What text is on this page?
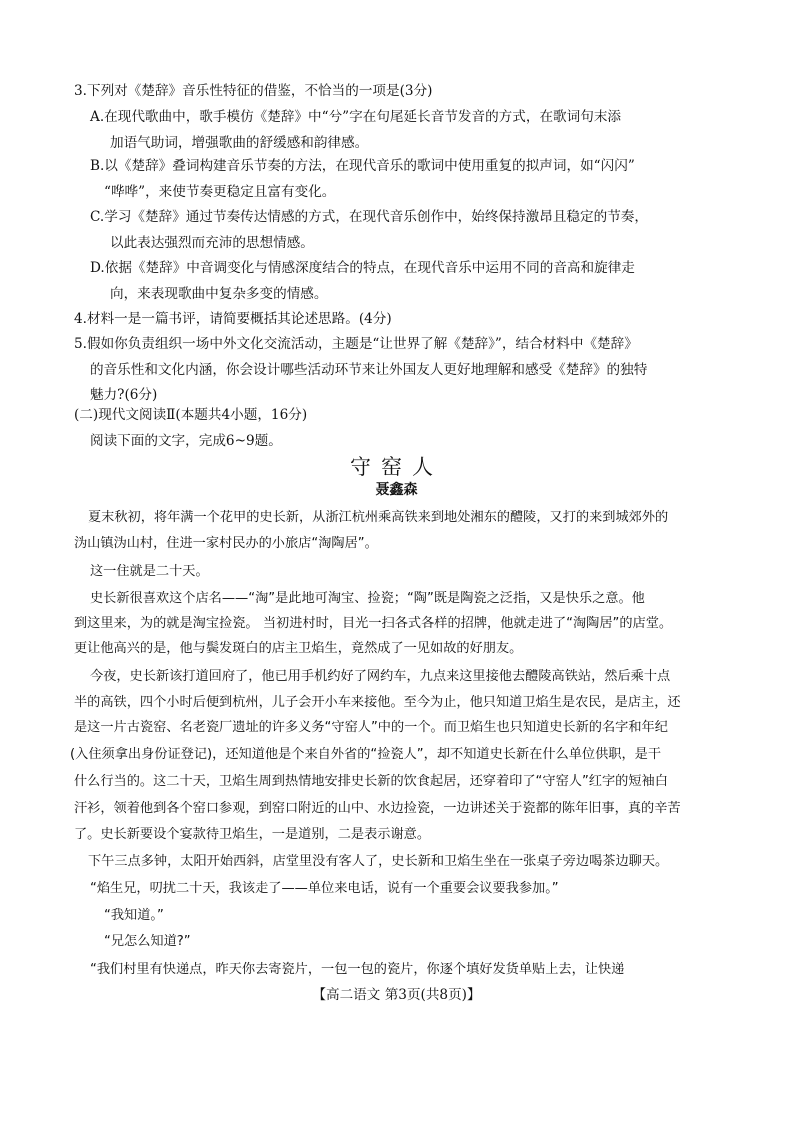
3.下列对《楚辞》音乐性特征的借鉴，不恰当的一项是(3分)
A.在现代歌曲中，歌手模仿《楚辞》中“兮”字在句尾延长音节发音的方式，在歌词句末添
加语气助词，增强歌曲的舒缓感和韵律感。
B.以《楚辞》叠词构建音乐节奏的方法，在现代音乐的歌词中使用重复的拟声词，如“闪闪”
“哗哗”，来使节奏更稳定且富有变化。
C.学习《楚辞》通过节奏传达情感的方式，在现代音乐创作中，始终保持激昂且稳定的节奏，
以此表达强烈而充沛的思想情感。
D.依据《楚辞》中音调变化与情感深度结合的特点，在现代音乐中运用不同的音高和旋律走
向，来表现歌曲中复杂多变的情感。
4.材料一是一篇书评，请简要概括其论述思路。(4分)
5.假如你负责组织一场中外文化交流活动，主题是“让世界了解《楚辞》”，结合材料中《楚辞》
的音乐性和文化内涵，你会设计哪些活动环节来让外国友人更好地理解和感受《楚辞》的独特
魅力?(6分)
(二)现代文阅读Ⅱ(本题共4小题，16分)
阅读下面的文字，完成6~9题。
守窑人
聂鑫森
夏末秋初，将年满一个花甲的史长新，从浙江杭州乘高铁来到地处湘东的醴陵，又打的来到城郊外的
沩山镇沩山村，住进一家村民办的小旅店“淘陶居”。
这一住就是二十天。
史长新很喜欢这个店名——“淘”是此地可淘宝、捡瓷；“陶”既是陶瓷之泛指，又是快乐之意。他
到这里来，为的就是淘宝捡瓷。 当初进村时，目光一扫各式各样的招牌，他就走进了“淘陶居”的店堂。
更让他高兴的是，他与鬓发斑白的店主卫焰生，竟然成了一见如故的好朋友。
今夜，史长新该打道回府了，他已用手机约好了网约车，九点来这里接他去醴陵高铁站，然后乘十点
半的高铁，四个小时后便到杭州，儿子会开小车来接他。至今为止，他只知道卫焰生是农民，是店主，还
是这一片古瓷窑、名老瓷厂遗址的许多义务“守窑人”中的一个。而卫焰生也只知道史长新的名字和年纪
(入住须拿出身份证登记)，还知道他是个来自外省的“捡瓷人”，却不知道史长新在什么单位供职，是干
什么行当的。这二十天，卫焰生周到热情地安排史长新的饮食起居，还穿着印了“守窑人”红字的短袖白
汗衫，领着他到各个窑口参观，到窑口附近的山中、水边捡瓷，一边讲述关于瓷都的陈年旧事，真的辛苦
了。史长新要设个宴款待卫焰生，一是道别，二是表示谢意。
下午三点多钟，太阳开始西斜，店堂里没有客人了，史长新和卫焰生坐在一张桌子旁边喝茶边聊天。
“焰生兄，叨扰二十天，我该走了——单位来电话，说有一个重要会议要我参加。”
“我知道。”
“兄怎么知道?”
“我们村里有快递点，昨天你去寄瓷片，一包一包的瓷片，你逐个填好发货单贴上去，让快递
【高二语文 第3页(共8页)】
